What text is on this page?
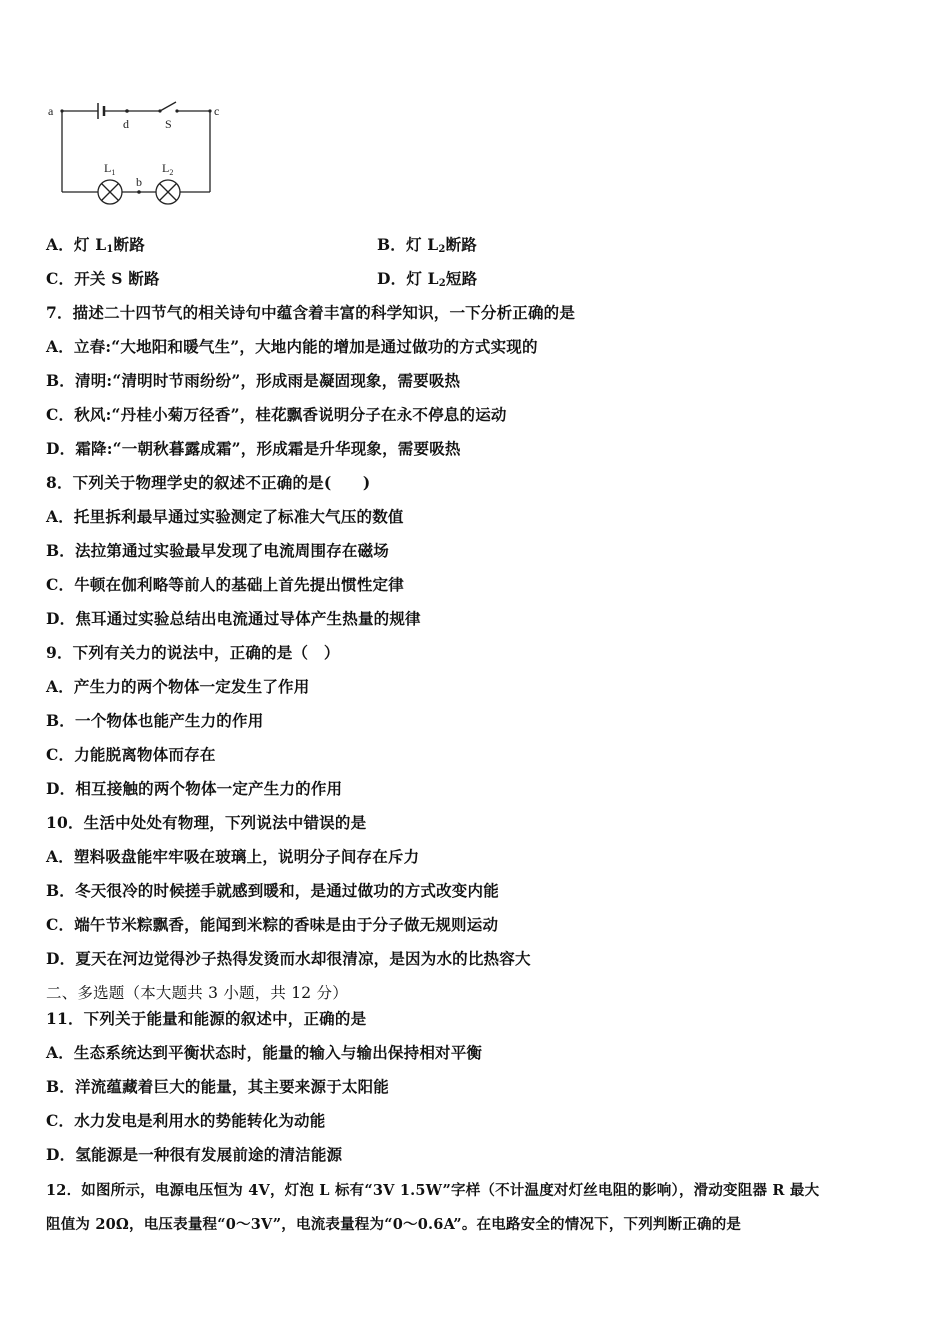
a	c
d	S
b
$L_1$	$L_2$
A．灯 $L_1$断路	B．灯 $L_2$断路
C．开关 S 断路	D．灯 $L_2$短路
7．描述二十四节气的相关诗句中蕴含着丰富的科学知识，一下分析正确的是
A．立春:“大地阳和暖气生”，大地内能的增加是通过做功的方式实现的
B．清明:“清明时节雨纷纷”，形成雨是凝固现象，需要吸热
C．秋风:“丹桂小菊万径香”，桂花飘香说明分子在永不停息的运动
D．霜降:“一朝秋暮露成霜”，形成霜是升华现象，需要吸热
8．下列关于物理学史的叙述不正确的是(　　)
A．托里拆利最早通过实验测定了标准大气压的数值
B．法拉第通过实验最早发现了电流周围存在磁场
C．牛顿在伽利略等前人的基础上首先提出惯性定律
D．焦耳通过实验总结出电流通过导体产生热量的规律
9．下列有关力的说法中，正确的是（　）
A．产生力的两个物体一定发生了作用
B．一个物体也能产生力的作用
C．力能脱离物体而存在
D．相互接触的两个物体一定产生力的作用
10．生活中处处有物理，下列说法中错误的是
A．塑料吸盘能牢牢吸在玻璃上，说明分子间存在斥力
B．冬天很冷的时候搓手就感到暖和，是通过做功的方式改变内能
C．端午节米粽飘香，能闻到米粽的香味是由于分子做无规则运动
D．夏天在河边觉得沙子热得发烫而水却很清凉，是因为水的比热容大
二、多选题（本大题共 3 小题，共 12 分）
11．下列关于能量和能源的叙述中，正确的是
A．生态系统达到平衡状态时，能量的输入与输出保持相对平衡
B．洋流蕴藏着巨大的能量，其主要来源于太阳能
C．水力发电是利用水的势能转化为动能
D．氢能源是一种很有发展前途的清洁能源
12．如图所示，电源电压恒为 4V，灯泡 L 标有“3V 1.5W”字样（不计温度对灯丝电阻的影响），滑动变阻器 R 最大
阻值为 20Ω，电压表量程“0～3V”，电流表量程为“0～0.6A”。在电路安全的情况下，下列判断正确的是
